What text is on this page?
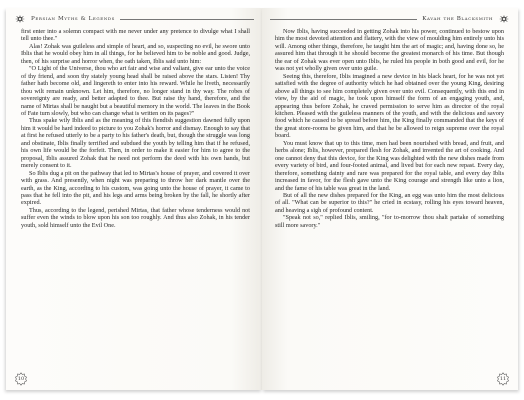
Persian Myths & Legends

first enter into a solemn compact with me never under any pretence to divulge what I shall tell unto thee."

Alas! Zohak was guileless and simple of heart, and so, suspecting no evil, he swore unto Iblis that he would obey him in all things, for he believed him to be noble and good. Judge, then, of his surprise and horror when, the oath taken, Iblis said unto him:

"O Light of the Universe, thou who art fair and wise and valiant, give ear unto the voice of thy friend, and soon thy stately young head shall be raised above the stars. Listen! Thy father hath become old, and lingereth to enter into his reward. While he liveth, necessarily thou wilt remain unknown. Let him, therefore, no longer stand in thy way. The robes of sovereignty are ready, and better adapted to thee. But raise thy hand, therefore, and the name of Mirtas shall be naught but a beautiful memory in the world. The leaves in the Book of Fate turn slowly, but who can change what is written on its pages?"

Thus spake wily Iblis and as the meaning of this fiendish suggestion dawned fully upon him it would be hard indeed to picture to you Zohak's horror and dismay. Enough to say that at first he refused utterly to be a party to his father's death, but, though the struggle was long and obstinate, Iblis finally terrified and subdued the youth by telling him that if he refused, his own life would be the forfeit. Then, in order to make it easier for him to agree to the proposal, Iblis assured Zohak that he need not perform the deed with his own hands, but merely consent to it.

So Iblis dug a pit on the pathway that led to Mirtas's house of prayer, and covered it over with grass. And presently, when night was preparing to throw her dark mantle over the earth, as the King, according to his custom, was going unto the house of prayer, it came to pass that he fell into the pit, and his legs and arms being broken by the fall, he shortly after expired.

Thus, according to the legend, perished Mirtas, that father whose tenderness would not suffer even the winds to blow upon his son too roughly. And thus also Zohak, in his tender youth, sold himself unto the Evil One.

10
Kavah the Blacksmith

Now Iblis, having succeeded in getting Zohak into his power, continued to bestow upon him the most devoted attention and flattery, with the view of moulding him entirely unto his will. Among other things, therefore, he taught him the art of magic; and, having done so, he assured him that through it he should become the greatest monarch of his time. But though the ear of Zohak was ever open unto Iblis, he ruled his people in both good and evil, for he was not yet wholly given over unto guile.

Seeing this, therefore, Iblis imagined a new device in his black heart, for he was not yet satisfied with the degree of authority which he had obtained over the young King, desiring above all things to see him completely given over unto evil. Consequently, with this end in view, by the aid of magic, he took upon himself the form of an engaging youth, and, appearing thus before Zohak, he craved permission to serve him as director of the royal kitchen. Pleased with the guileless manners of the youth, and with the delicious and savory food which he caused to be spread before him, the King finally commanded that the keys of the great store-rooms be given him, and that he be allowed to reign supreme over the royal board.

You must know that up to this time, men had been nourished with bread, and fruit, and herbs alone; Iblis, however, prepared flesh for Zohak, and invented the art of cooking. And one cannot deny that this device, for the King was delighted with the new dishes made from every variety of bird, and four-footed animal, and lived but for each new repast. Every day, therefore, something dainty and rare was prepared for the royal table, and every day Iblis increased in favor, for the flesh gave unto the King courage and strength like unto a lion, and the fame of his table was great in the land.

But of all the new dishes prepared for the King, an egg was unto him the most delicious of all. "What can be superior to this?" he cried in ecstasy, rolling his eyes toward heaven, and heaving a sigh of profound content.

"Speak not so," replied Iblis, smiling, "for to-morrow thou shalt partake of something still more savory."

11
